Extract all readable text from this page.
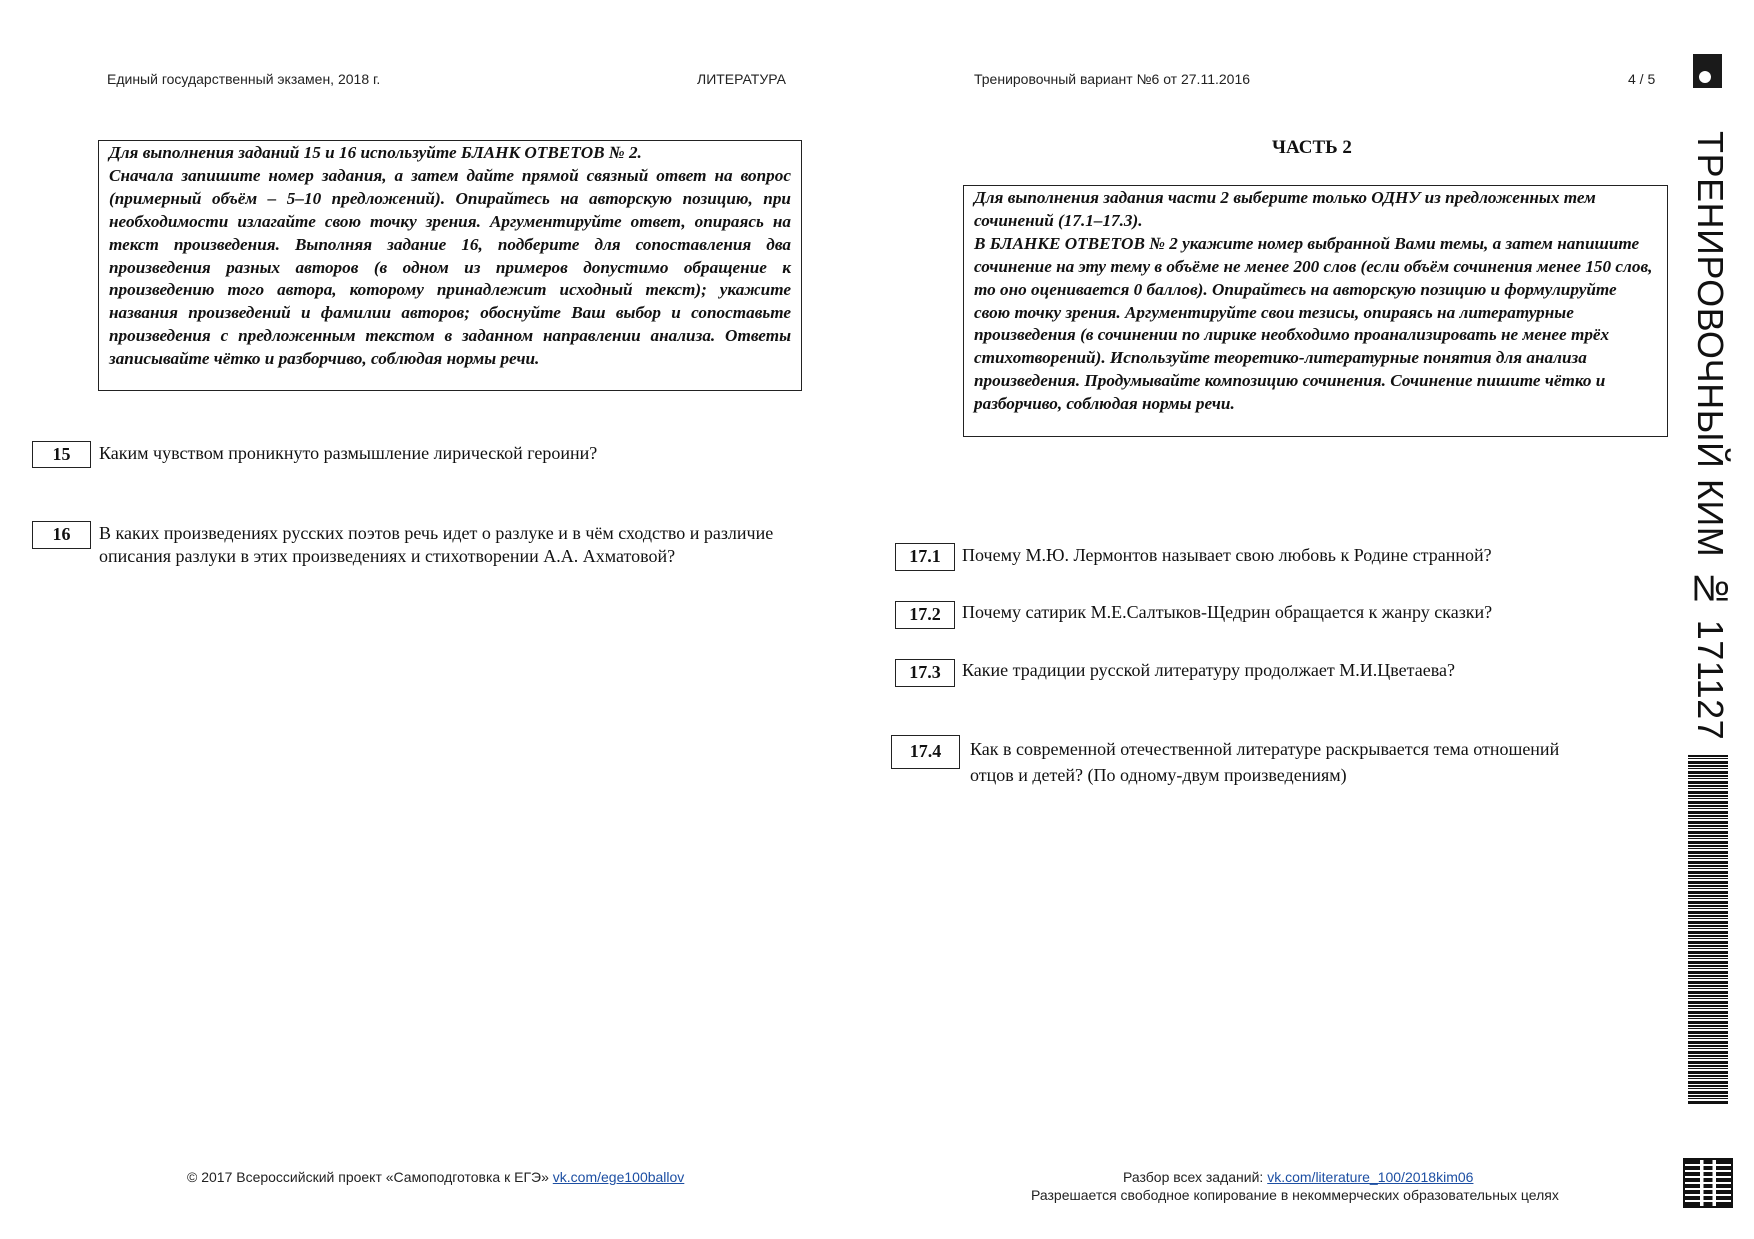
Единый государственный экзамен, 2018 г.	ЛИТЕРАТУРА	Тренировочный вариант №6 от 27.11.2016	4 / 5

Для выполнения заданий 15 и 16 используйте БЛАНК ОТВЕТОВ № 2.

Сначала запишите номер задания, а затем дайте прямой связный ответ на вопрос (примерный объём – 5–10 предложений). Опирайтесь на авторскую позицию, при необходимости излагайте свою точку зрения. Аргументируйте ответ, опираясь на текст произведения. Выполняя задание 16, подберите для сопоставления два произведения разных авторов (в одном из примеров допустимо обращение к произведению того автора, которому принадлежит исходный текст); укажите названия произведений и фамилии авторов; обоснуйте Ваш выбор и сопоставьте произведения с предложенным текстом в заданном направлении анализа. Ответы записывайте чётко и разборчиво, соблюдая нормы речи.

15	Каким чувством проникнуто размышление лирической героини?
16	В каких произведениях русских поэтов речь идет о разлуке и в чём сходство и различие описания разлуки в этих произведениях и стихотворении А.А. Ахматовой?
ЧАСТЬ 2

Для выполнения задания части 2 выберите только ОДНУ из предложенных тем сочинений (17.1–17.3).

В БЛАНКЕ ОТВЕТОВ № 2 укажите номер выбранной Вами темы, а затем напишите сочинение на эту тему в объёме не менее 200 слов (если объём сочинения менее 150 слов, то оно оценивается 0 баллов). Опирайтесь на авторскую позицию и формулируйте свою точку зрения. Аргументируйте свои тезисы, опираясь на литературные произведения (в сочинении по лирике необходимо проанализировать не менее трёх стихотворений). Используйте теоретико-литературные понятия для анализа произведения. Продумывайте композицию сочинения. Сочинение пишите чётко и разборчиво, соблюдая нормы речи.

17.1	Почему М.Ю. Лермонтов называет свою любовь к Родине странной?
17.2	Почему сатирик М.Е.Салтыков-Щедрин обращается к жанру сказки?
17.3	Какие традиции русской литературу продолжает М.И.Цветаева?
17.4	Как в современной отечественной литературе раскрывается тема отношений отцов и детей? (По одному-двум произведениям)
ТРЕНИРОВОЧНЫЙ КИМ № 171127
© 2017 Всероссийский проект «Самоподготовка к ЕГЭ» vk.com/ege100ballov	Разбор всех заданий: vk.com/literature_100/2018kim06
Разрешается свободное копирование в некоммерческих образовательных целях
